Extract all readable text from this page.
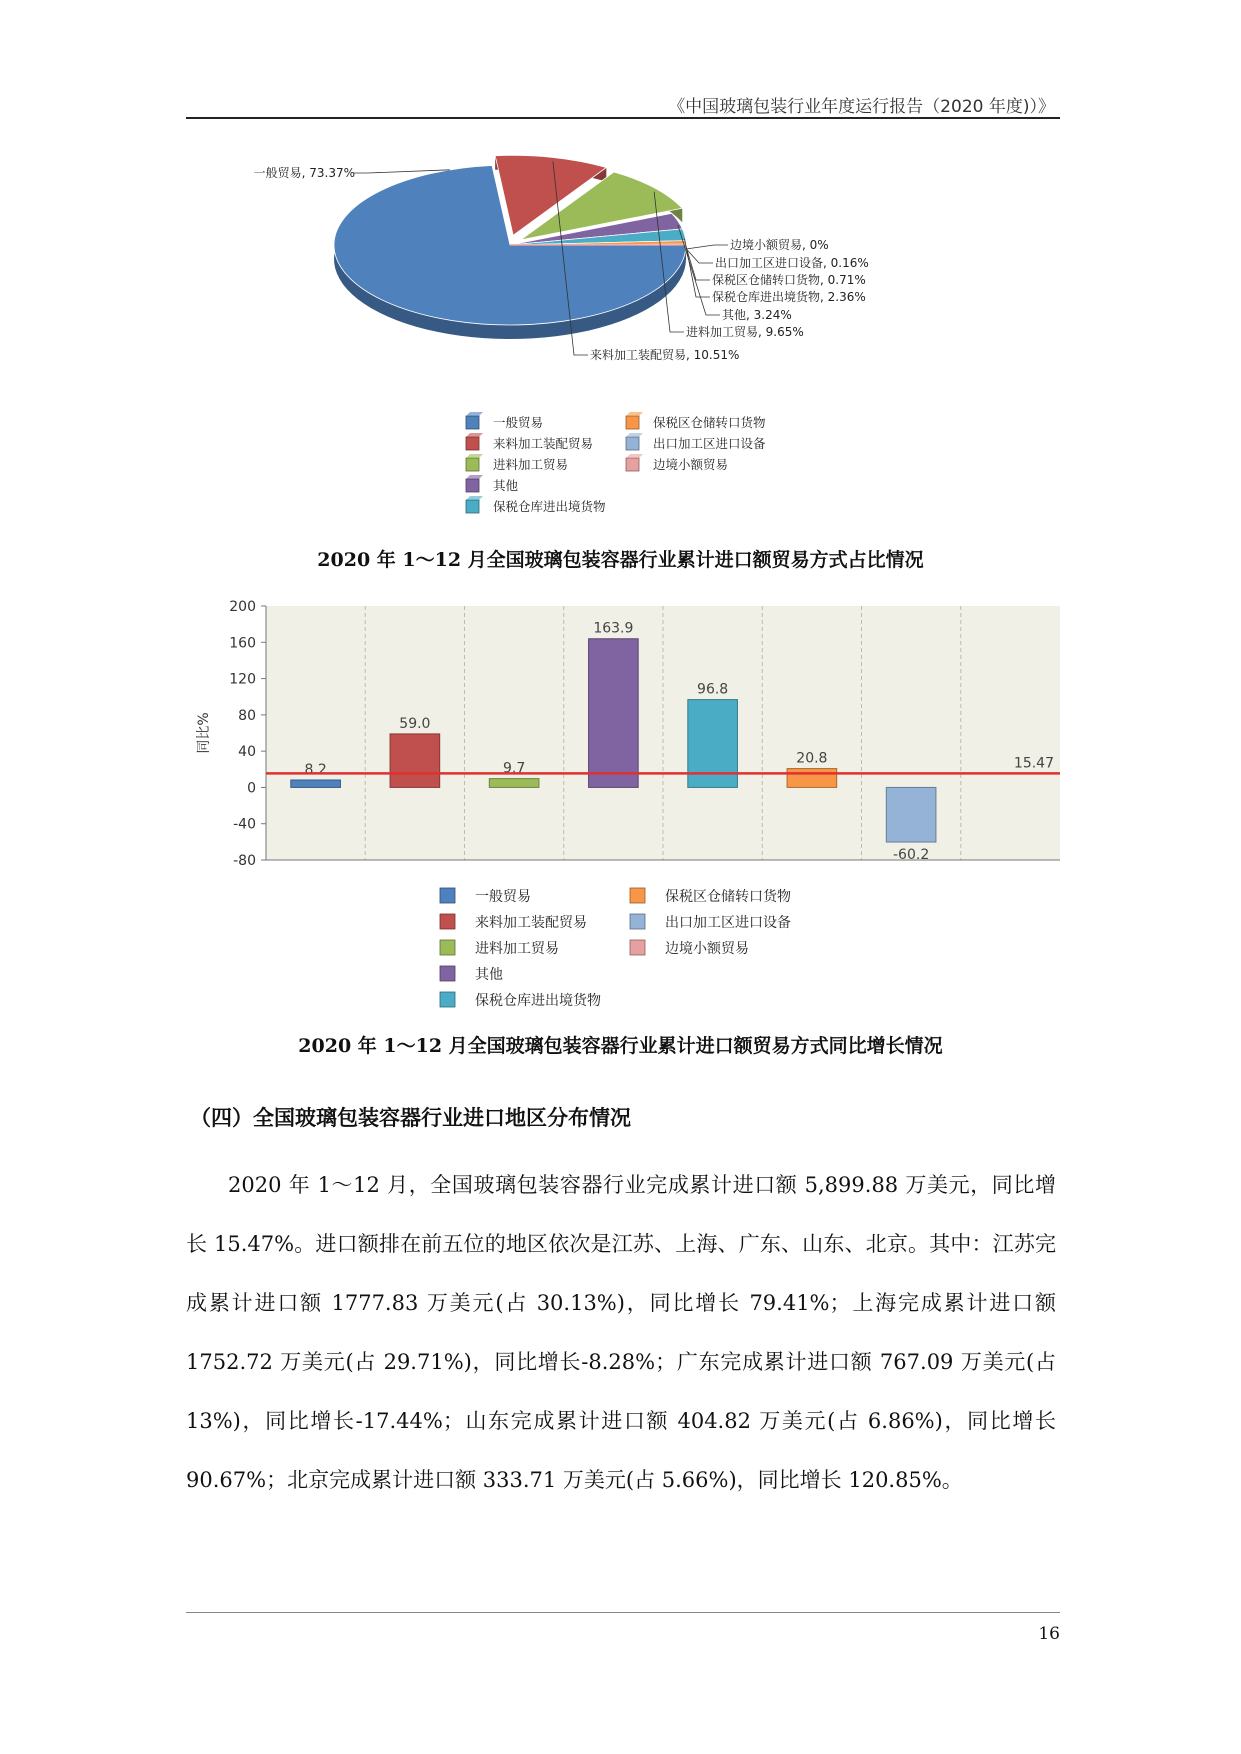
《中国玻璃包装行业年度运行报告（2020 年度)）》
一般贸易, 73.37%
来料加工装配贸易, 10.51%
进料加工贸易, 9.65%
其他, 3.24%
保税仓库进出境货物, 2.36%
保税区仓储转口货物, 0.71%
出口加工区进口设备, 0.16%
边境小额贸易, 0%
一般贸易
来料加工装配贸易
进料加工贸易
其他
保税仓库进出境货物
保税区仓储转口货物
出口加工区进口设备
边境小额贸易
2020 年 1～12 月全国玻璃包装容器行业累计进口额贸易方式占比情况
200
160
120
80
40
0
-40
-80
8.2
59.0
9.7
163.9
96.8
20.8
-60.2
15.47
同比%
一般贸易
来料加工装配贸易
进料加工贸易
其他
保税仓库进出境货物
保税区仓储转口货物
出口加工区进口设备
边境小额贸易
2020 年 1～12 月全国玻璃包装容器行业累计进口额贸易方式同比增长情况
（四）全国玻璃包装容器行业进口地区分布情况

2020 年 1～12 月，全国玻璃包装容器行业完成累计进口额 5,899.88 万美元，同比增长 15.47%。进口额排在前五位的地区依次是江苏、上海、广东、山东、北京。其中：江苏完成累计进口额 1777.83 万美元(占 30.13%)，同比增长 79.41%；上海完成累计进口额 1752.72 万美元(占 29.71%)，同比增长-8.28%；广东完成累计进口额 767.09 万美元(占 13%)，同比增长-17.44%；山东完成累计进口额 404.82 万美元(占 6.86%)，同比增长 90.67%；北京完成累计进口额 333.71 万美元(占 5.66%)，同比增长 120.85%。

16
